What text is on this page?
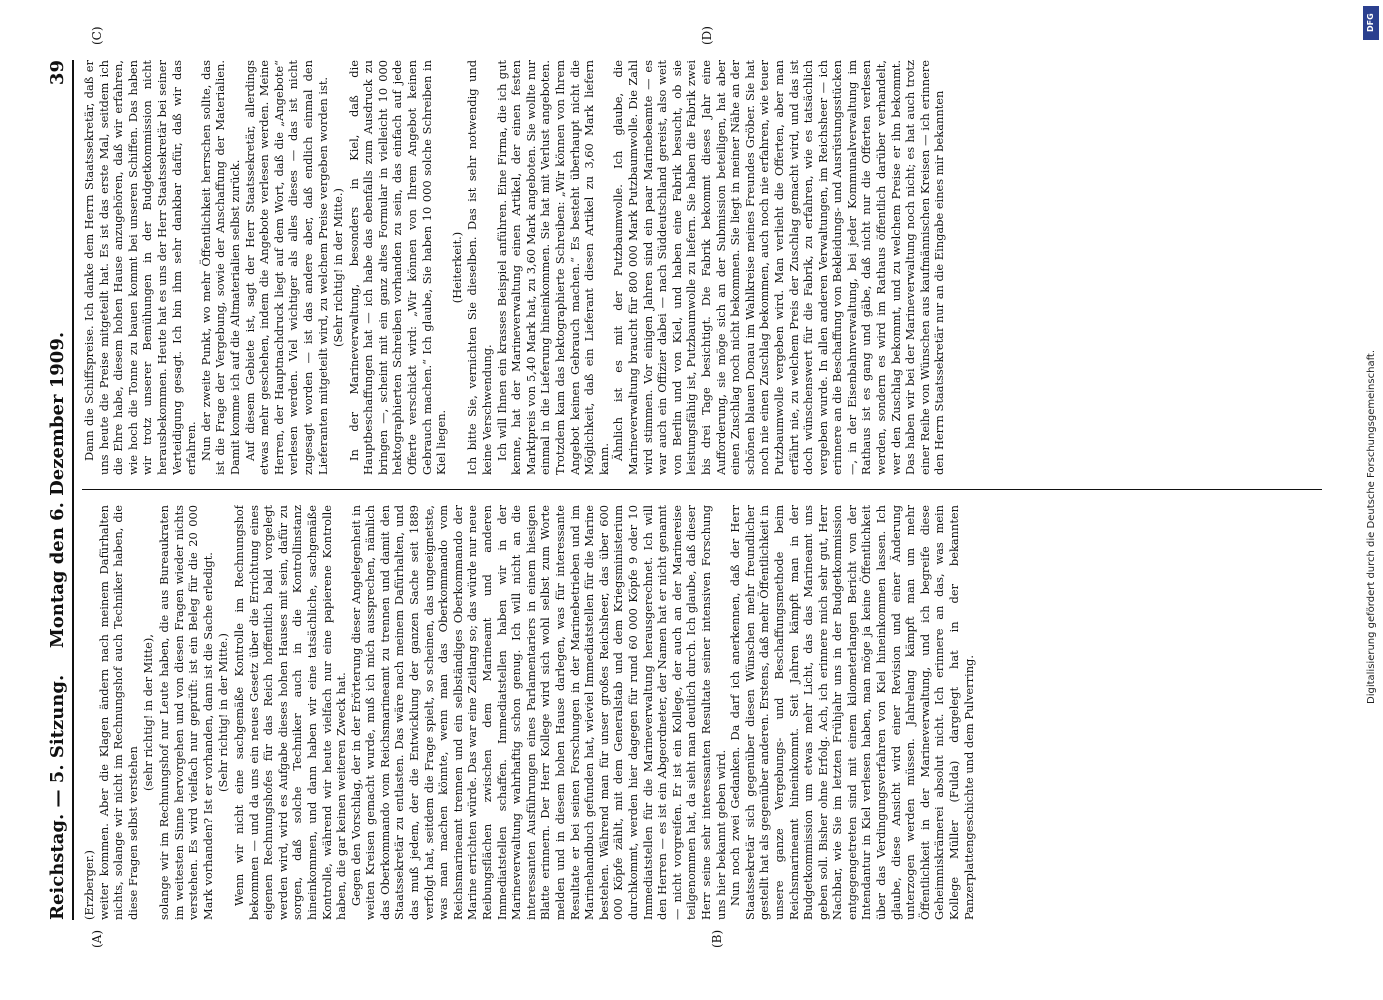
Reichstag. — 5. Sitzung.
Montag den 6. Dezember 1909.
39
(A)	(B)
(C)	(D)

(Erzberger.) weiter kommen. Aber die Klagen ändern nach meinem Dafürhalten nichts, solange wir nicht im Rechnungshof auch Techniker haben, die diese Fragen selbst verstehen

(sehr richtig! in der Mitte), solange wir im Rechnungshof nur Leute haben, die aus Bureaukraten im weitesten Sinne hervorgehen und von diesen Fragen wieder nichts verstehen. Es wird vielfach nur geprüft: ist ein Beleg für die 20 000 Mark vorhanden? Ist er vorhanden, dann ist die Sache erledigt. (Sehr richtig! in der Mitte.) Wenn wir nicht eine sachgemäße Kontrolle im Rechnungshof bekommen — und da uns ein neues Gesetz über die Errichtung eines eigenen Rechnungshofes für das Reich hoffentlich bald vorgelegt werden wird, wird es Aufgabe dieses hohen Hauses mit sein, dafür zu sorgen, daß solche Techniker auch in die Kontrollinstanz hineinkommen, und dann haben wir eine tatsächliche, sachgemäße Kontrolle, während wir heute vielfach nur eine papierene Kontrolle haben, die gar keinen weiteren Zweck hat. Gegen den Vorschlag, der in der Erörterung dieser Angelegenheit in weiten Kreisen gemacht wurde, muß ich mich aussprechen, nämlich das Oberkommando vom Reichsmarineamt zu trennen und damit den Staatssekretär zu entlasten. Das wäre nach meinem Dafürhalten, und das muß jedem, der die Entwicklung der ganzen Sache seit 1889 verfolgt hat, seitdem die Frage spielt, so scheinen, das ungeeignetste, was man machen könnte, wenn man das Oberkommando vom Reichsmarineamt trennen und ein selbständiges Oberkommando der Marine errichten würde. Das war eine Zeitlang so; das würde nur neue Reibungsflächen zwischen dem Marineamt und anderen Immediatstellen schaffen. Immediatstellen haben wir in der Marineverwaltung wahrhaftig schon genug. Ich will nicht an die interessanten Ausführungen eines Parlamentariers in einem hiesigen Blatte erinnern. Der Herr Kollege wird sich wohl selbst zum Worte melden und in diesem hohen Hause darlegen, was für interessante Resultate er bei seinen Forschungen in der Marinebetrieben und im Marinehandbuch gefunden hat, wieviel Immediatstellen für die Marine bestehen. Während man für unser großes Reichsheer, das über 600 000 Köpfe zählt, mit dem Generalstab und dem Kriegsministerium durchkommt, werden hier dagegen für rund 60 000 Köpfe 9 oder 10 Immediatstellen für die Marineverwaltung herausgerechnet. Ich will den Herren — es ist ein Abgeordneter, der Namen hat er nicht genannt — nicht vorgreifen. Er ist ein Kollege, der auch an der Marinereise teilgenommen hat, da sieht man deutlich durch. Ich glaube, daß dieser Herr seine sehr interessanten Resultate seiner intensiven Forschung uns hier bekannt geben wird. Nun noch zwei Gedanken. Da darf ich anerkennen, daß der Herr Staatssekretär sich gegenüber diesen Wünschen mehr freundlicher gestellt hat als gegenüber anderen. Erstens, daß mehr Öffentlichkeit in unsere ganze Vergebungs- und Beschaffungsmethode beim Reichsmarineamt hineinkommt. Seit Jahren kämpft man in der Budgetkommission um etwas mehr Licht, das das Marineamt uns geben soll. Bisher ohne Erfolg. Ach, ich erinnere mich sehr gut, Herr Nachbar, wie Sie im letzten Frühjahr uns in der Budgetkommission entgegengetreten sind mit einem kilometerlangen Bericht von der Intendantur in Kiel verlesen haben, man möge ja keine Öffentlichkeit über das Verdingungsverfahren von Kiel hineinkommen lassen. Ich glaube, diese Ansicht wird einer Revision und einer Änderung unterzogen werden müssen. Jahrelang kämpft man um mehr Öffentlichkeit in der Marineverwaltung, und ich begreife diese Geheimniskrämerei absolut nicht. Ich erinnere an das, was mein Kollege Müller (Fulda) dargelegt hat in der bekannten Panzerplattengeschichte und dem Pulverring.

Dann die Schiffspreise. Ich danke dem Herrn Staatssekretär, daß er uns heute die Preise mitgeteilt hat. Es ist das erste Mal, seitdem ich die Ehre habe, diesem hohen Hause anzugehören, daß wir erfahren, wie hoch die Tonne zu bauen kommt bei unseren Schiffen. Das haben wir trotz unserer Bemühungen in der Budgetkommission nicht herausbekommen. Heute hat es uns der Herr Staatssekretär bei seiner Verteidigung gesagt. Ich bin ihm sehr dankbar dafür, daß wir das erfahren. Nun der zweite Punkt, wo mehr Öffentlichkeit herrschen sollte, das ist die Frage der Vergebung, sowie der Anschaffung der Materialien. Damit komme ich auf die Altmaterialien selbst zurück. Auf diesem Gebiete ist, sagt der Herr Staatssekretär, allerdings etwas mehr geschehen, indem die Angebote verlesen werden. Meine Herren, der Hauptnachdruck liegt auf dem Wort, daß die „Angebote“ verlesen werden. Viel wichtiger als alles dieses — das ist nicht zugesagt worden — ist das andere aber, daß endlich einmal den Lieferanten mitgeteilt wird, zu welchem Preise vergeben worden ist. (Sehr richtig! in der Mitte.) In der Marineverwaltung, besonders in Kiel, daß die Hauptbeschaffungen hat — ich habe das ebenfalls zum Ausdruck zu bringen —, scheint mit ein ganz altes Formular in vielleicht 10 000 hektographierten Schreiben vorhanden zu sein, das einfach auf jede Offerte verschickt wird: „Wir können von Ihrem Angebot keinen Gebrauch machen.“ Ich glaube, Sie haben 10 000 solche Schreiben in Kiel liegen.

(Heiterkeit.) Ich bitte Sie, vernichten Sie dieselben. Das ist sehr notwendig und keine Verschwendung. Ich will Ihnen ein krasses Beispiel anführen. Eine Firma, die ich gut kenne, hat der Marineverwaltung einen Artikel, der einen festen Marktpreis von 5,40 Mark hat, zu 3,60 Mark angeboten. Sie wollte nur einmal in die Lieferung hineinkommen. Sie hat mit Verlust angeboten. Trotzdem kam das hektographierte Schreiben: „Wir können von Ihrem Angebot keinen Gebrauch machen.“ Es besteht überhaupt nicht die Möglichkeit, daß ein Lieferant diesen Artikel zu 3,60 Mark liefern kann. Ähnlich ist es mit der Putzbaumwolle. Ich glaube, die Marineverwaltung braucht für 800 000 Mark Putzbaumwolle. Die Zahl wird stimmen. Vor einigen Jahren sind ein paar Marinebeamte — es war auch ein Offizier dabei — nach Süddeutschland gereist, also weit von Berlin und von Kiel, und haben eine Fabrik besucht, ob sie leistungsfähig ist, Putzbaumwolle zu liefern. Sie haben die Fabrik zwei bis drei Tage besichtigt. Die Fabrik bekommt dieses Jahr eine Aufforderung, sie möge sich an der Submission beteiligen, hat aber einen Zuschlag noch nicht bekommen. Sie liegt in meiner Nähe an der schönen blauen Donau im Wahlkreise meines Freundes Gröber. Sie hat noch nie einen Zuschlag bekommen, auch noch nie erfahren, wie teuer Putzbaumwolle vergeben wird. Man verlieht die Offerten, aber man erfährt nie, zu welchem Preis der Zuschlag gemacht wird, und das ist doch wünschenswert für die Fabrik, zu erfahren, wie es tatsächlich vergeben wurde. In allen anderen Verwaltungen, im Reichsheer — ich erinnere an die Beschaffung von Bekleidungs- und Ausrüstungsstücken —, in der Eisenbahnverwaltung, bei jeder Kommunalverwaltung im Rathaus ist es gang und gäbe, daß nicht nur die Offerten verlesen werden, sondern es wird im Rathaus öffentlich darüber verhandelt, wer den Zuschlag bekommt, und zu welchem Preise er ihn bekommt. Das haben wir bei der Marineverwaltung noch nicht; es hat auch trotz einer Reihe von Wünschen aus kaufmännischen Kreisen — ich erinnere den Herrn Staatssekretär nur an die Eingabe eines mir bekannten

DFG
Digitalisierung gefördert durch die Deutsche Forschungsgemeinschaft.
